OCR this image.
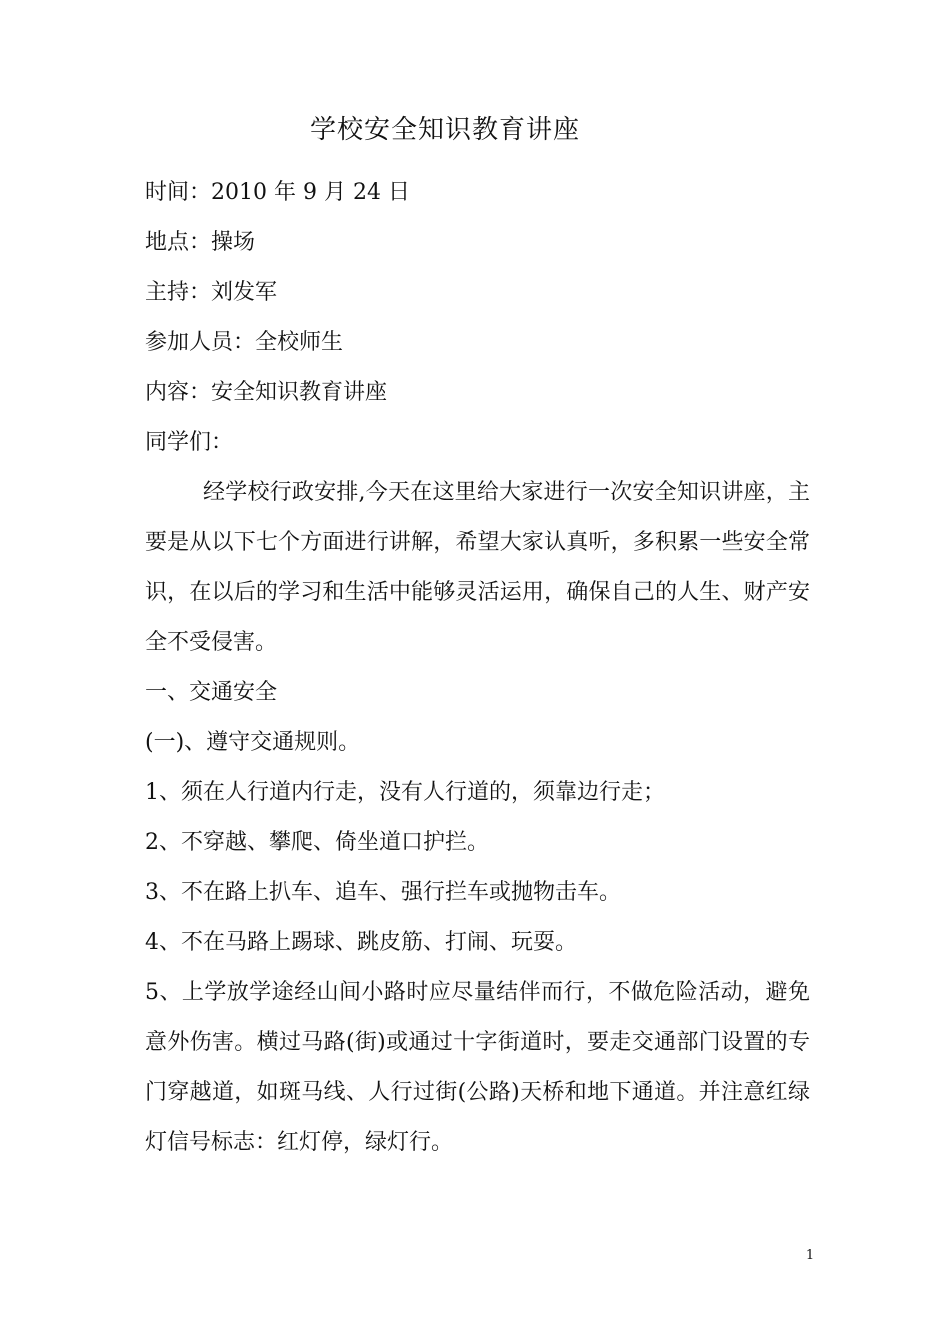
学校安全知识教育讲座
时间：2010 年 9 月 24 日
地点：操场
主持：刘发军
参加人员：全校师生
内容：安全知识教育讲座
同学们：
经学校行政安排,今天在这里给大家进行一次安全知识讲座，主要是从以下七个方面进行讲解，希望大家认真听，多积累一些安全常识，在以后的学习和生活中能够灵活运用，确保自己的人生、财产安全不受侵害。
一、交通安全
(一)、遵守交通规则。
1、须在人行道内行走，没有人行道的，须靠边行走；
2、不穿越、攀爬、倚坐道口护拦。
3、不在路上扒车、追车、强行拦车或抛物击车。
4、不在马路上踢球、跳皮筋、打闹、玩耍。
5、上学放学途经山间小路时应尽量结伴而行，不做危险活动，避免意外伤害。横过马路(街)或通过十字街道时，要走交通部门设置的专门穿越道，如斑马线、人行过街(公路)天桥和地下通道。并注意红绿灯信号标志：红灯停，绿灯行。
1
